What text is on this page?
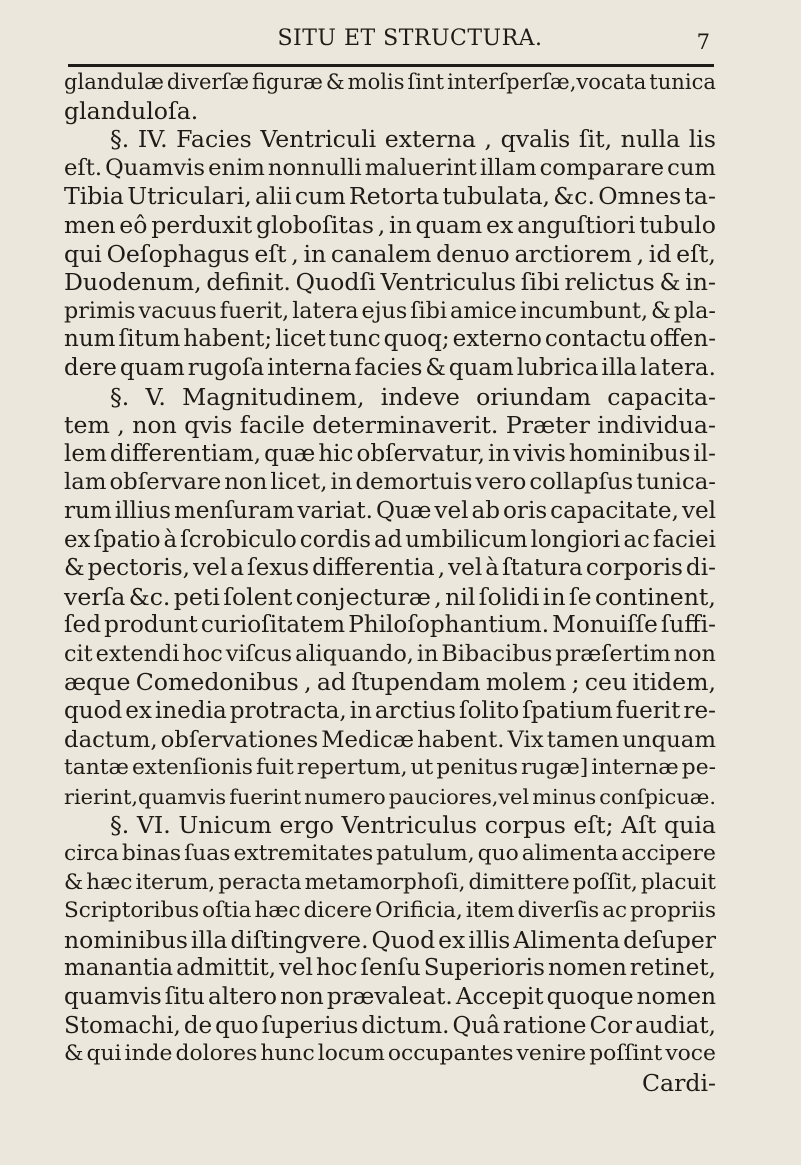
SITU ET STRUCTURA.	7
glandulæ diverſæ figuræ & molis ſint interſperſæ,vocata tunica
glanduloſa.
§. IV. Facies Ventriculi externa , qvalis ſit, nulla lis
eſt. Quamvis enim nonnulli maluerint illam comparare cum
Tibia Utriculari, alii cum Retorta tubulata, &c. Omnes ta-
men eô perduxit globoſitas , in quam ex anguſtiori tubulo
qui Oeſophagus eſt , in canalem denuo arctiorem , id eſt,
Duodenum, definit. Quodſi Ventriculus ſibi relictus & in-
primis vacuus fuerit, latera ejus ſibi amice incumbunt, & pla-
num ſitum habent; licet tunc quoq; externo contactu offen-
dere quam rugoſa interna facies & quam lubrica illa latera.
§. V. Magnitudinem, indeve oriundam capacita-
tem , non qvis facile determinaverit. Præter individua-
lem differentiam, quæ hic obſervatur, in vivis hominibus il-
lam obſervare non licet, in demortuis vero collapſus tunica-
rum illius menſuram variat. Quæ vel ab oris capacitate, vel
ex ſpatio à ſcrobiculo cordis ad umbilicum longiori ac faciei
& pectoris, vel a ſexus differentia , vel à ſtatura corporis di-
verſa &c. peti ſolent conjecturæ , nil ſolidi in ſe continent,
ſed produnt curioſitatem Philoſophantium. Monuiſſe ſuffi-
cit extendi hoc viſcus aliquando, in Bibacibus præſertim non
æque Comedonibus , ad ſtupendam molem ; ceu itidem,
quod ex inedia protracta, in arctius ſolito ſpatium fuerit re-
dactum, obſervationes Medicæ habent. Vix tamen unquam
tantæ extenſionis fuit repertum, ut penitus rugæ] internæ pe-
rierint,quamvis fuerint numero pauciores,vel minus conſpicuæ.
§. VI. Unicum ergo Ventriculus corpus eſt; Aſt quia
circa binas ſuas extremitates patulum, quo alimenta accipere
& hæc iterum, peracta metamorphoſi, dimittere poſſit, placuit
Scriptoribus oſtia hæc dicere Orificia, item diverſis ac propriis
nominibus illa diſtingvere. Quod ex illis Alimenta deſuper
manantia admittit, vel hoc ſenſu Superioris nomen retinet,
quamvis ſitu altero non prævaleat. Accepit quoque nomen
Stomachi, de quo ſuperius dictum. Quâ ratione Cor audiat,
& qui inde dolores hunc locum occupantes venire poſſint voce
Cardi-
